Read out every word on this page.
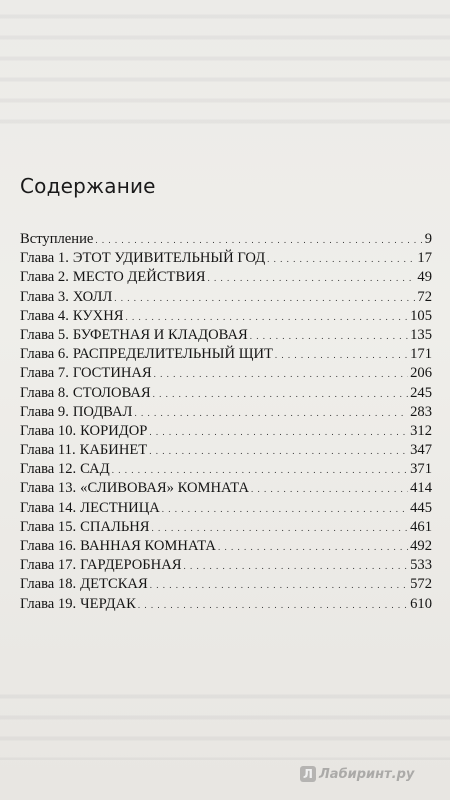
Содержание
Вступление . . .	9
Глава 1. ЭТОТ УДИВИТЕЛЬНЫЙ ГОД . . .	17
Глава 2. МЕСТО ДЕЙСТВИЯ . . .	49
Глава 3. ХОЛЛ . . .	72
Глава 4. КУХНЯ . . .	105
Глава 5. БУФЕТНАЯ И КЛАДОВАЯ . . .	135
Глава 6. РАСПРЕДЕЛИТЕЛЬНЫЙ ЩИТ . . .	171
Глава 7. ГОСТИНАЯ . . .	206
Глава 8. СТОЛОВАЯ . . .	245
Глава 9. ПОДВАЛ . . .	283
Глава 10. КОРИДОР . . .	312
Глава 11. КАБИНЕТ . . .	347
Глава 12. САД . . .	371
Глава 13. «СЛИВОВАЯ» КОМНАТА . . .	414
Глава 14. ЛЕСТНИЦА . . .	445
Глава 15. СПАЛЬНЯ . . .	461
Глава 16. ВАННАЯ КОМНАТА . . .	492
Глава 17. ГАРДЕРОБНАЯ . . .	533
Глава 18. ДЕТСКАЯ . . .	572
Глава 19. ЧЕРДАК . . .	610
Л Лабиринт.ру
